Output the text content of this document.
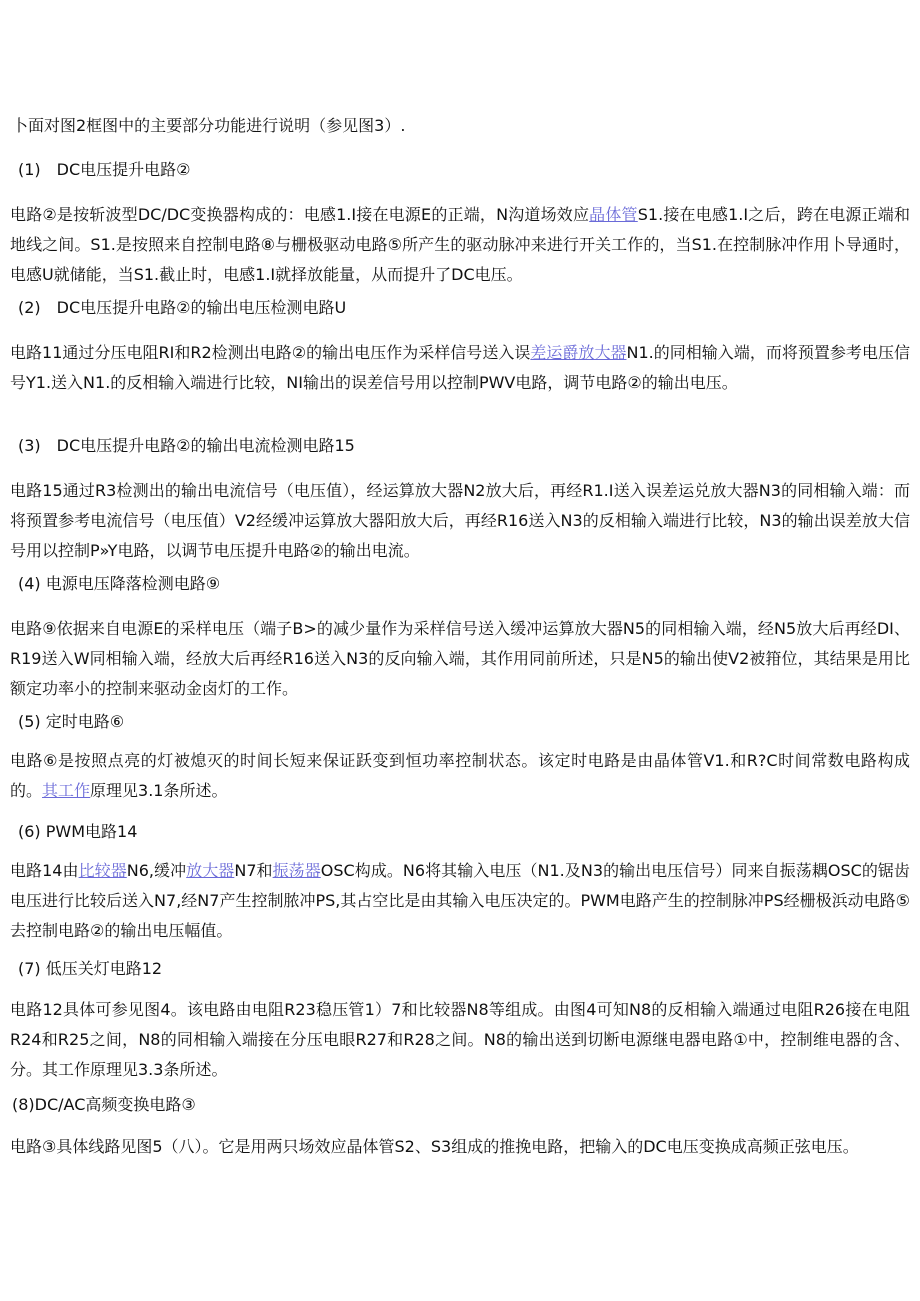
卜面对图2框图中的主要部分功能进行说明（参见图3）.
(1)　DC电压提升电路②
电路②是按斩波型DC/DC变换器构成的：电感1.I接在电源E的正端，N沟道场效应晶体管S1.接在电感1.I之后，跨在电源正端和地线之间。S1.是按照来自控制电路⑧与栅极驱动电路⑤所产生的驱动脉冲来进行开关工作的，当S1.在控制脉冲作用卜导通时，电感U就储能，当S1.截止时，电感1.I就择放能量，从而提升了DC电压。
(2)　DC电压提升电路②的输出电压检测电路U
电路11通过分压电阻RI和R2检测出电路②的输出电压作为采样信号送入误差运爵放大器N1.的同相输入端，而将预置参考电压信号Y1.送入N1.的反相输入端进行比较，NI输出的误差信号用以控制PWV电路，调节电路②的输出电压。
(3)　DC电压提升电路②的输出电流检测电路15
电路15通过R3检测出的输出电流信号（电压值），经运算放大器N2放大后，再经R1.I送入误差运兑放大器N3的同相输入端：而将预置参考电流信号（电压值）V2经缓冲运算放大器阳放大后，再经R16送入N3的反相输入端进行比较，N3的输出误差放大信号用以控制P»Y电路，以调节电压提升电路②的输出电流。
(4) 电源电压降落检测电路⑨
电路⑨依据来自电源E的采样电压（端子B>的减少量作为采样信号送入缓冲运算放大器N5的同相输入端，经N5放大后再经DI、R19送入W同相输入端，经放大后再经R16送入N3的反向输入端，其作用同前所述，只是N5的输出使V2被箝位，其结果是用比额定功率小的控制来驱动金卤灯的工作。
(5) 定时电路⑥
电路⑥是按照点亮的灯被熄灭的时间长短来保证跃变到恒功率控制状态。该定时电路是由晶体管V1.和R?C时间常数电路构成的。其工作原理见3.1条所述。
(6) PWM电路14
电路14由比较器N6,缓冲放大器N7和振荡器OSC构成。N6将其输入电压（N1.及N3的输出电压信号）同来自振荡耦OSC的锯齿电压进行比较后送入N7,经N7产生控制脓冲PS,其占空比是由其输入电压决定的。PWM电路产生的控制脉冲PS经栅极浜动电路⑤去控制电路②的输出电压幅值。
(7) 低压关灯电路12
电路12具体可参见图4。该电路由电阻R23稳压管1）7和比较器N8等组成。由图4可知N8的反相输入端通过电阻R26接在电阻R24和R25之间，N8的同相输入端接在分压电眼R27和R28之间。N8的输出送到切断电源继电器电路①中，控制维电器的含、分。其工作原理见3.3条所述。
(8)DC/AC高频变换电路③
电路③具体线路见图5（八）。它是用两只场效应晶体管S2、S3组成的推挽电路，把输入的DC电压变换成高频正弦电压。
